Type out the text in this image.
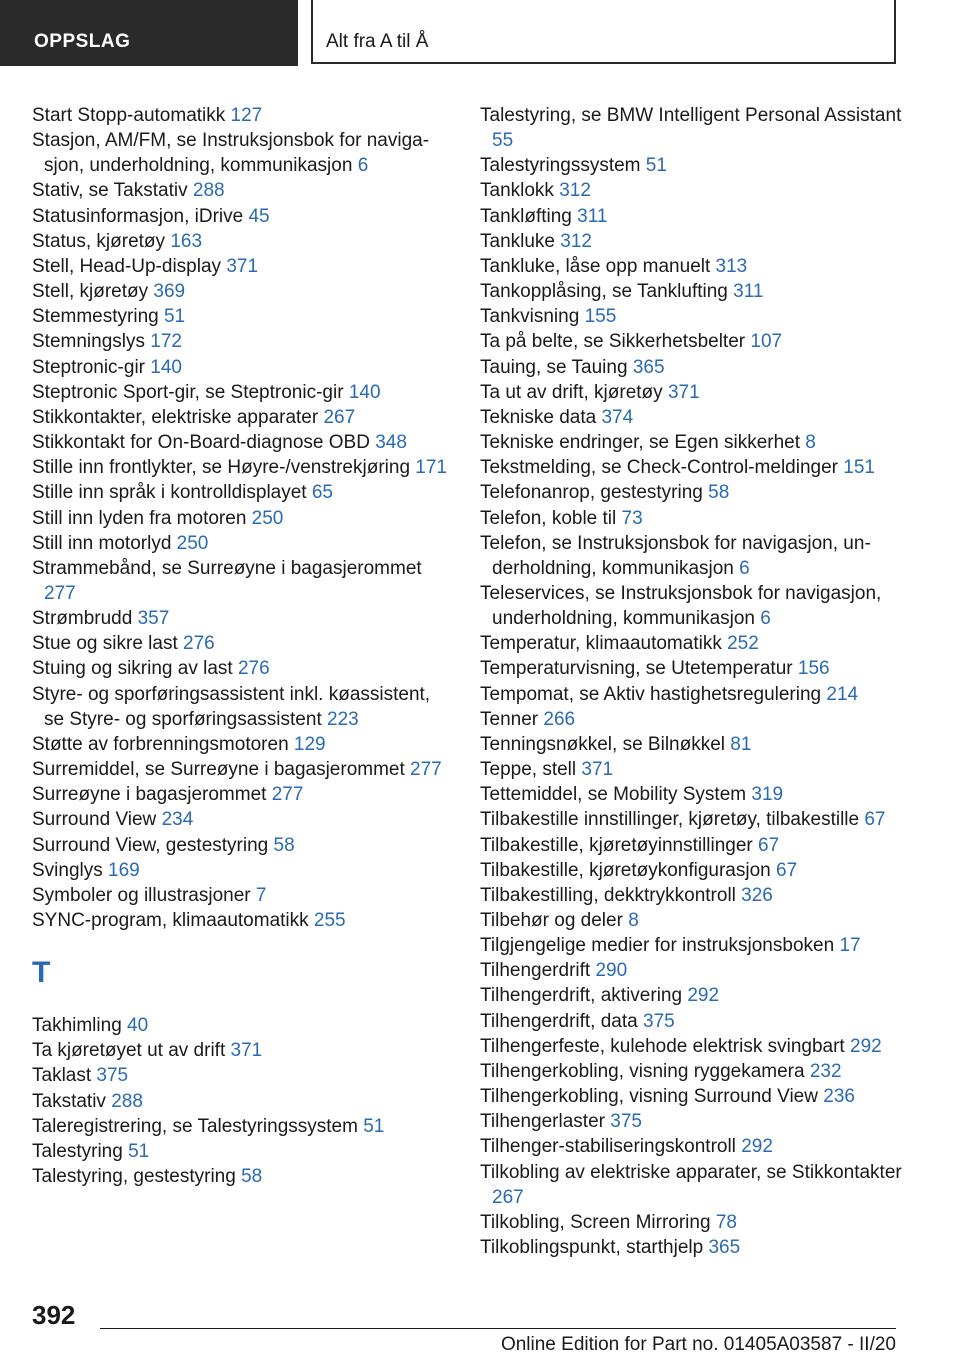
OPPSLAG	Alt fra A til Å

Start Stopp-automatikk 127

Stasjon, AM/FM, se Instruksjonsbok for navigasjon, underholdning, kommunikasjon 6

Stativ, se Takstativ 288

Statusinformasjon, iDrive 45

Status, kjøretøy 163

Stell, Head-Up-display 371

Stell, kjøretøy 369

Stemmestyring 51

Stemningslys 172

Steptronic-gir 140

Steptronic Sport-gir, se Steptronic-gir 140

Stikkontakter, elektriske apparater 267

Stikkontakt for On-Board-diagnose OBD 348

Stille inn frontlykter, se Høyre-/venstrekjøring 171

Stille inn språk i kontrolldisplayet 65

Still inn lyden fra motoren 250

Still inn motorlyd 250

Strammebånd, se Surreøyne i bagasjerommet 277

Strømbrudd 357

Stue og sikre last 276

Stuing og sikring av last 276

Styre- og sporføringsassistent inkl. køassistent, se Styre- og sporføringsassistent 223

Støtte av forbrenningsmotoren 129

Surremiddel, se Surreøyne i bagasjerommet 277

Surreøyne i bagasjerommet 277

Surround View 234

Surround View, gestestyring 58

Svinglys 169

Symboler og illustrasjoner 7

SYNC-program, klimaautomatikk 255

T

Takhimling 40

Ta kjøretøyet ut av drift 371

Taklast 375

Takstativ 288

Taleregistrering, se Talestyringssystem 51

Talestyring 51

Talestyring, gestestyring 58

Talestyring, se BMW Intelligent Personal Assistant 55

Talestyringssystem 51

Tanklokk 312

Tankløfting 311

Tankluke 312

Tankluke, låse opp manuelt 313

Tankopplåsing, se Tanklufting 311

Tankvisning 155

Ta på belte, se Sikkerhetsbelter 107

Tauing, se Tauing 365

Ta ut av drift, kjøretøy 371

Tekniske data 374

Tekniske endringer, se Egen sikkerhet 8

Tekstmelding, se Check-Control-meldinger 151

Telefonanrop, gestestyring 58

Telefon, koble til 73

Telefon, se Instruksjonsbok for navigasjon, underholdning, kommunikasjon 6

Teleservices, se Instruksjonsbok for navigasjon, underholdning, kommunikasjon 6

Temperatur, klimaautomatikk 252

Temperaturvisning, se Utetemperatur 156

Tempomat, se Aktiv hastighetsregulering 214

Tenner 266

Tenningsnøkkel, se Bilnøkkel 81

Teppe, stell 371

Tettemiddel, se Mobility System 319

Tilbakestille innstillinger, kjøretøy, tilbakestille 67

Tilbakestille, kjøretøyinnstillinger 67

Tilbakestille, kjøretøykonfigurasjon 67

Tilbakestilling, dekktrykkontroll 326

Tilbehør og deler 8

Tilgjengelige medier for instruksjonsboken 17

Tilhengerdrift 290

Tilhengerdrift, aktivering 292

Tilhengerdrift, data 375

Tilhengerfeste, kulehode elektrisk svingbart 292

Tilhengerkobling, visning ryggekamera 232

Tilhengerkobling, visning Surround View 236

Tilhengerlaster 375

Tilhenger-stabiliseringskontroll 292

Tilkobling av elektriske apparater, se Stikkontakter 267

Tilkobling, Screen Mirroring 78

Tilkoblingspunkt, starthjelp 365

392
Online Edition for Part no. 01405A03587 - II/20
